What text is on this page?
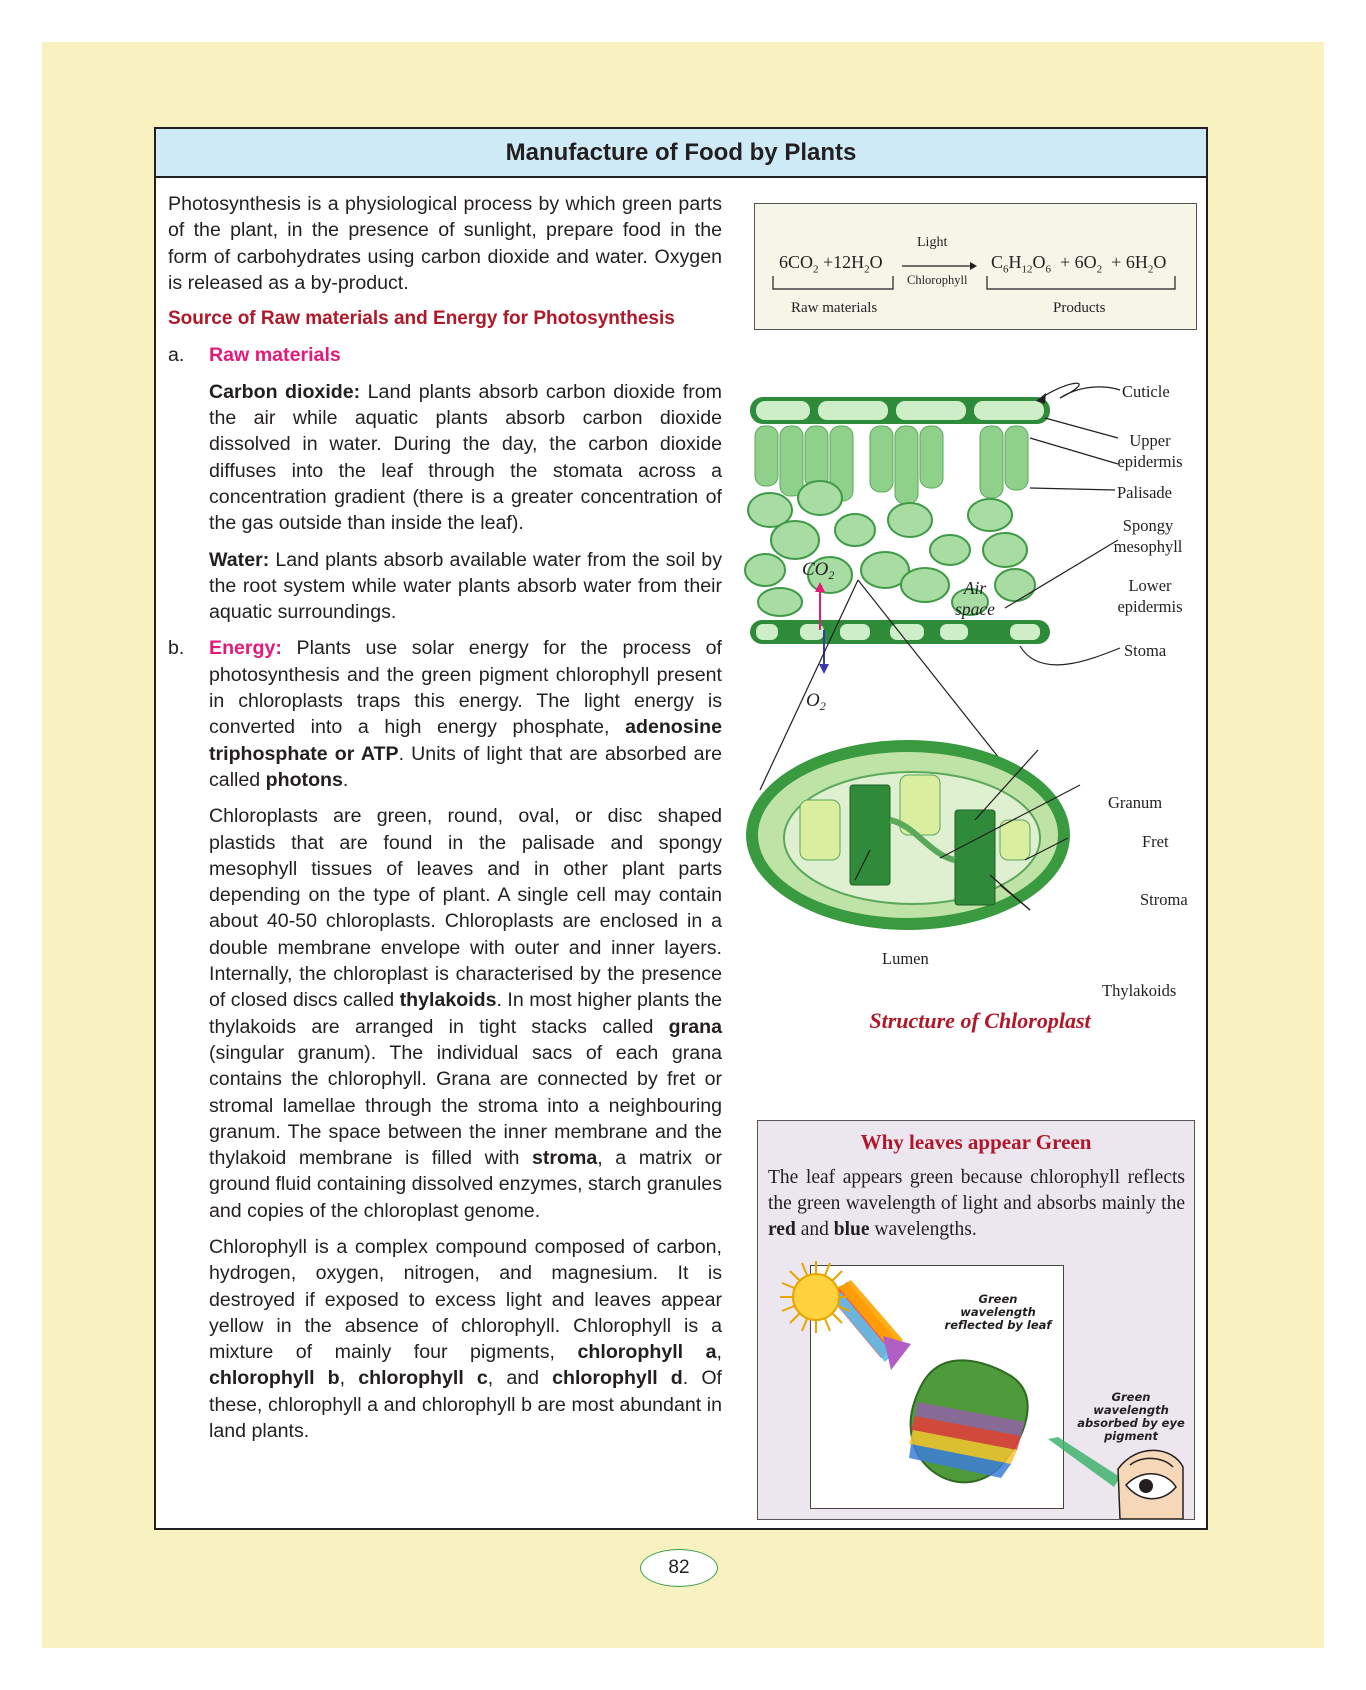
Manufacture of Food by Plants

Photosynthesis is a physiological process by which green parts of the plant, in the presence of sunlight, prepare food in the form of carbohydrates using carbon dioxide and water. Oxygen is released as a by-product.

Source of Raw materials and Energy for Photosynthesis

a.	Raw materials

Carbon dioxide: Land plants absorb carbon dioxide from the air while aquatic plants absorb carbon dioxide dissolved in water. During the day, the carbon dioxide diffuses into the leaf through the stomata across a concentration gradient (there is a greater concentration of the gas outside than inside the leaf).

Water: Land plants absorb available water from the soil by the root system while water plants absorb water from their aquatic surroundings.

b.	Energy: Plants use solar energy for the process of photosynthesis and the green pigment chlorophyll present in chloroplasts traps this energy. The light energy is converted into a high energy phosphate, adenosine triphosphate or ATP. Units of light that are absorbed are called photons.

Chloroplasts are green, round, oval, or disc shaped plastids that are found in the palisade and spongy mesophyll tissues of leaves and in other plant parts depending on the type of plant. A single cell may contain about 40-50 chloroplasts. Chloroplasts are enclosed in a double membrane envelope with outer and inner layers. Internally, the chloroplast is characterised by the presence of closed discs called thylakoids. In most higher plants the thylakoids are arranged in tight stacks called grana (singular granum). The individual sacs of each grana contains the chlorophyll. Grana are connected by fret or stromal lamellae through the stroma into a neighbouring granum. The space between the inner membrane and the thylakoid membrane is filled with stroma, a matrix or ground fluid containing dissolved enzymes, starch granules and copies of the chloroplast genome.

Chlorophyll is a complex compound composed of carbon, hydrogen, oxygen, nitrogen, and magnesium. It is destroyed if exposed to excess light and leaves appear yellow in the absence of chlorophyll. Chlorophyll is a mixture of mainly four pigments, chlorophyll a, chlorophyll b, chlorophyll c, and chlorophyll d. Of these, chlorophyll a and chlorophyll b are most abundant in land plants.

$6CO_2 +12H_2O$
Light
Chlorophyll
$C_6H_{12}O_6 + 6O_2 + 6H_2O$
Raw materials	Products
$CO_2$
$O_2$
Cuticle
Upper epidermis
Palisade
Spongy mesophyll
Lower epidermis
Stoma
Air space
Granum
Fret
Stroma
Lumen
Thylakoids
Structure of Chloroplast
Why leaves appear Green
The leaf appears green because chlorophyll reflects the green wavelength of light and absorbs mainly the red and blue wavelengths.
Green wavelength reflected by leaf
Green wavelength absorbed by eye pigment
82
